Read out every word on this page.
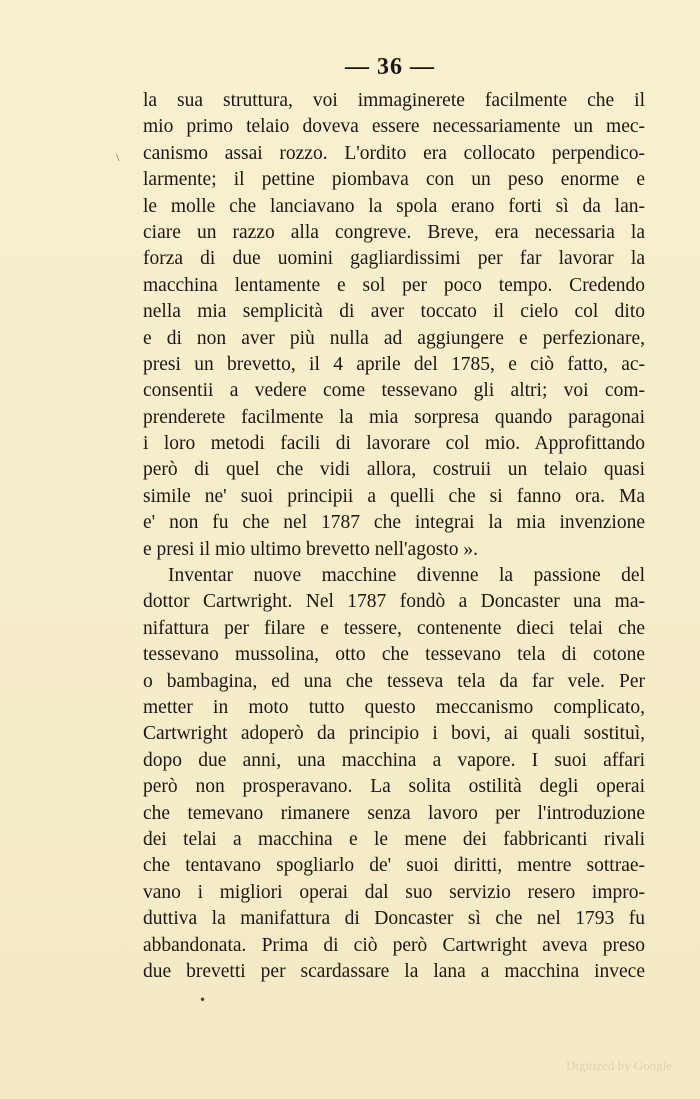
— 36 —
\
la sua struttura, voi immaginerete facilmente che il
mio primo telaio doveva essere necessariamente un mec-
canismo assai rozzo. L'ordito era collocato perpendico-
larmente; il pettine piombava con un peso enorme e
le molle che lanciavano la spola erano forti sì da lan-
ciare un razzo alla congreve. Breve, era necessaria la
forza di due uomini gagliardissimi per far lavorar la
macchina lentamente e sol per poco tempo. Credendo
nella mia semplicità di aver toccato il cielo col dito
e di non aver più nulla ad aggiungere e perfezionare,
presi un brevetto, il 4 aprile del 1785, e ciò fatto, ac-
consentii a vedere come tessevano gli altri; voi com-
prenderete facilmente la mia sorpresa quando paragonai
i loro metodi facili di lavorare col mio. Approfittando
però di quel che vidi allora, costruii un telaio quasi
simile ne' suoi principii a quelli che si fanno ora. Ma
e' non fu che nel 1787 che integrai la mia invenzione
e presi il mio ultimo brevetto nell'agosto ».
Inventar nuove macchine divenne la passione del
dottor Cartwright. Nel 1787 fondò a Doncaster una ma-
nifattura per filare e tessere, contenente dieci telai che
tessevano mussolina, otto che tessevano tela di cotone
o bambagina, ed una che tesseva tela da far vele. Per
metter in moto tutto questo meccanismo complicato,
Cartwright adoperò da principio i bovi, ai quali sostituì,
dopo due anni, una macchina a vapore. I suoi affari
però non prosperavano. La solita ostilità degli operai
che temevano rimanere senza lavoro per l'introduzione
dei telai a macchina e le mene dei fabbricanti rivali
che tentavano spogliarlo de' suoi diritti, mentre sottrae-
vano i migliori operai dal suo servizio resero impro-
duttiva la manifattura di Doncaster sì che nel 1793 fu
abbandonata. Prima di ciò però Cartwright aveva preso
due brevetti per scardassare la lana a macchina invece
•
Digitized by Google
